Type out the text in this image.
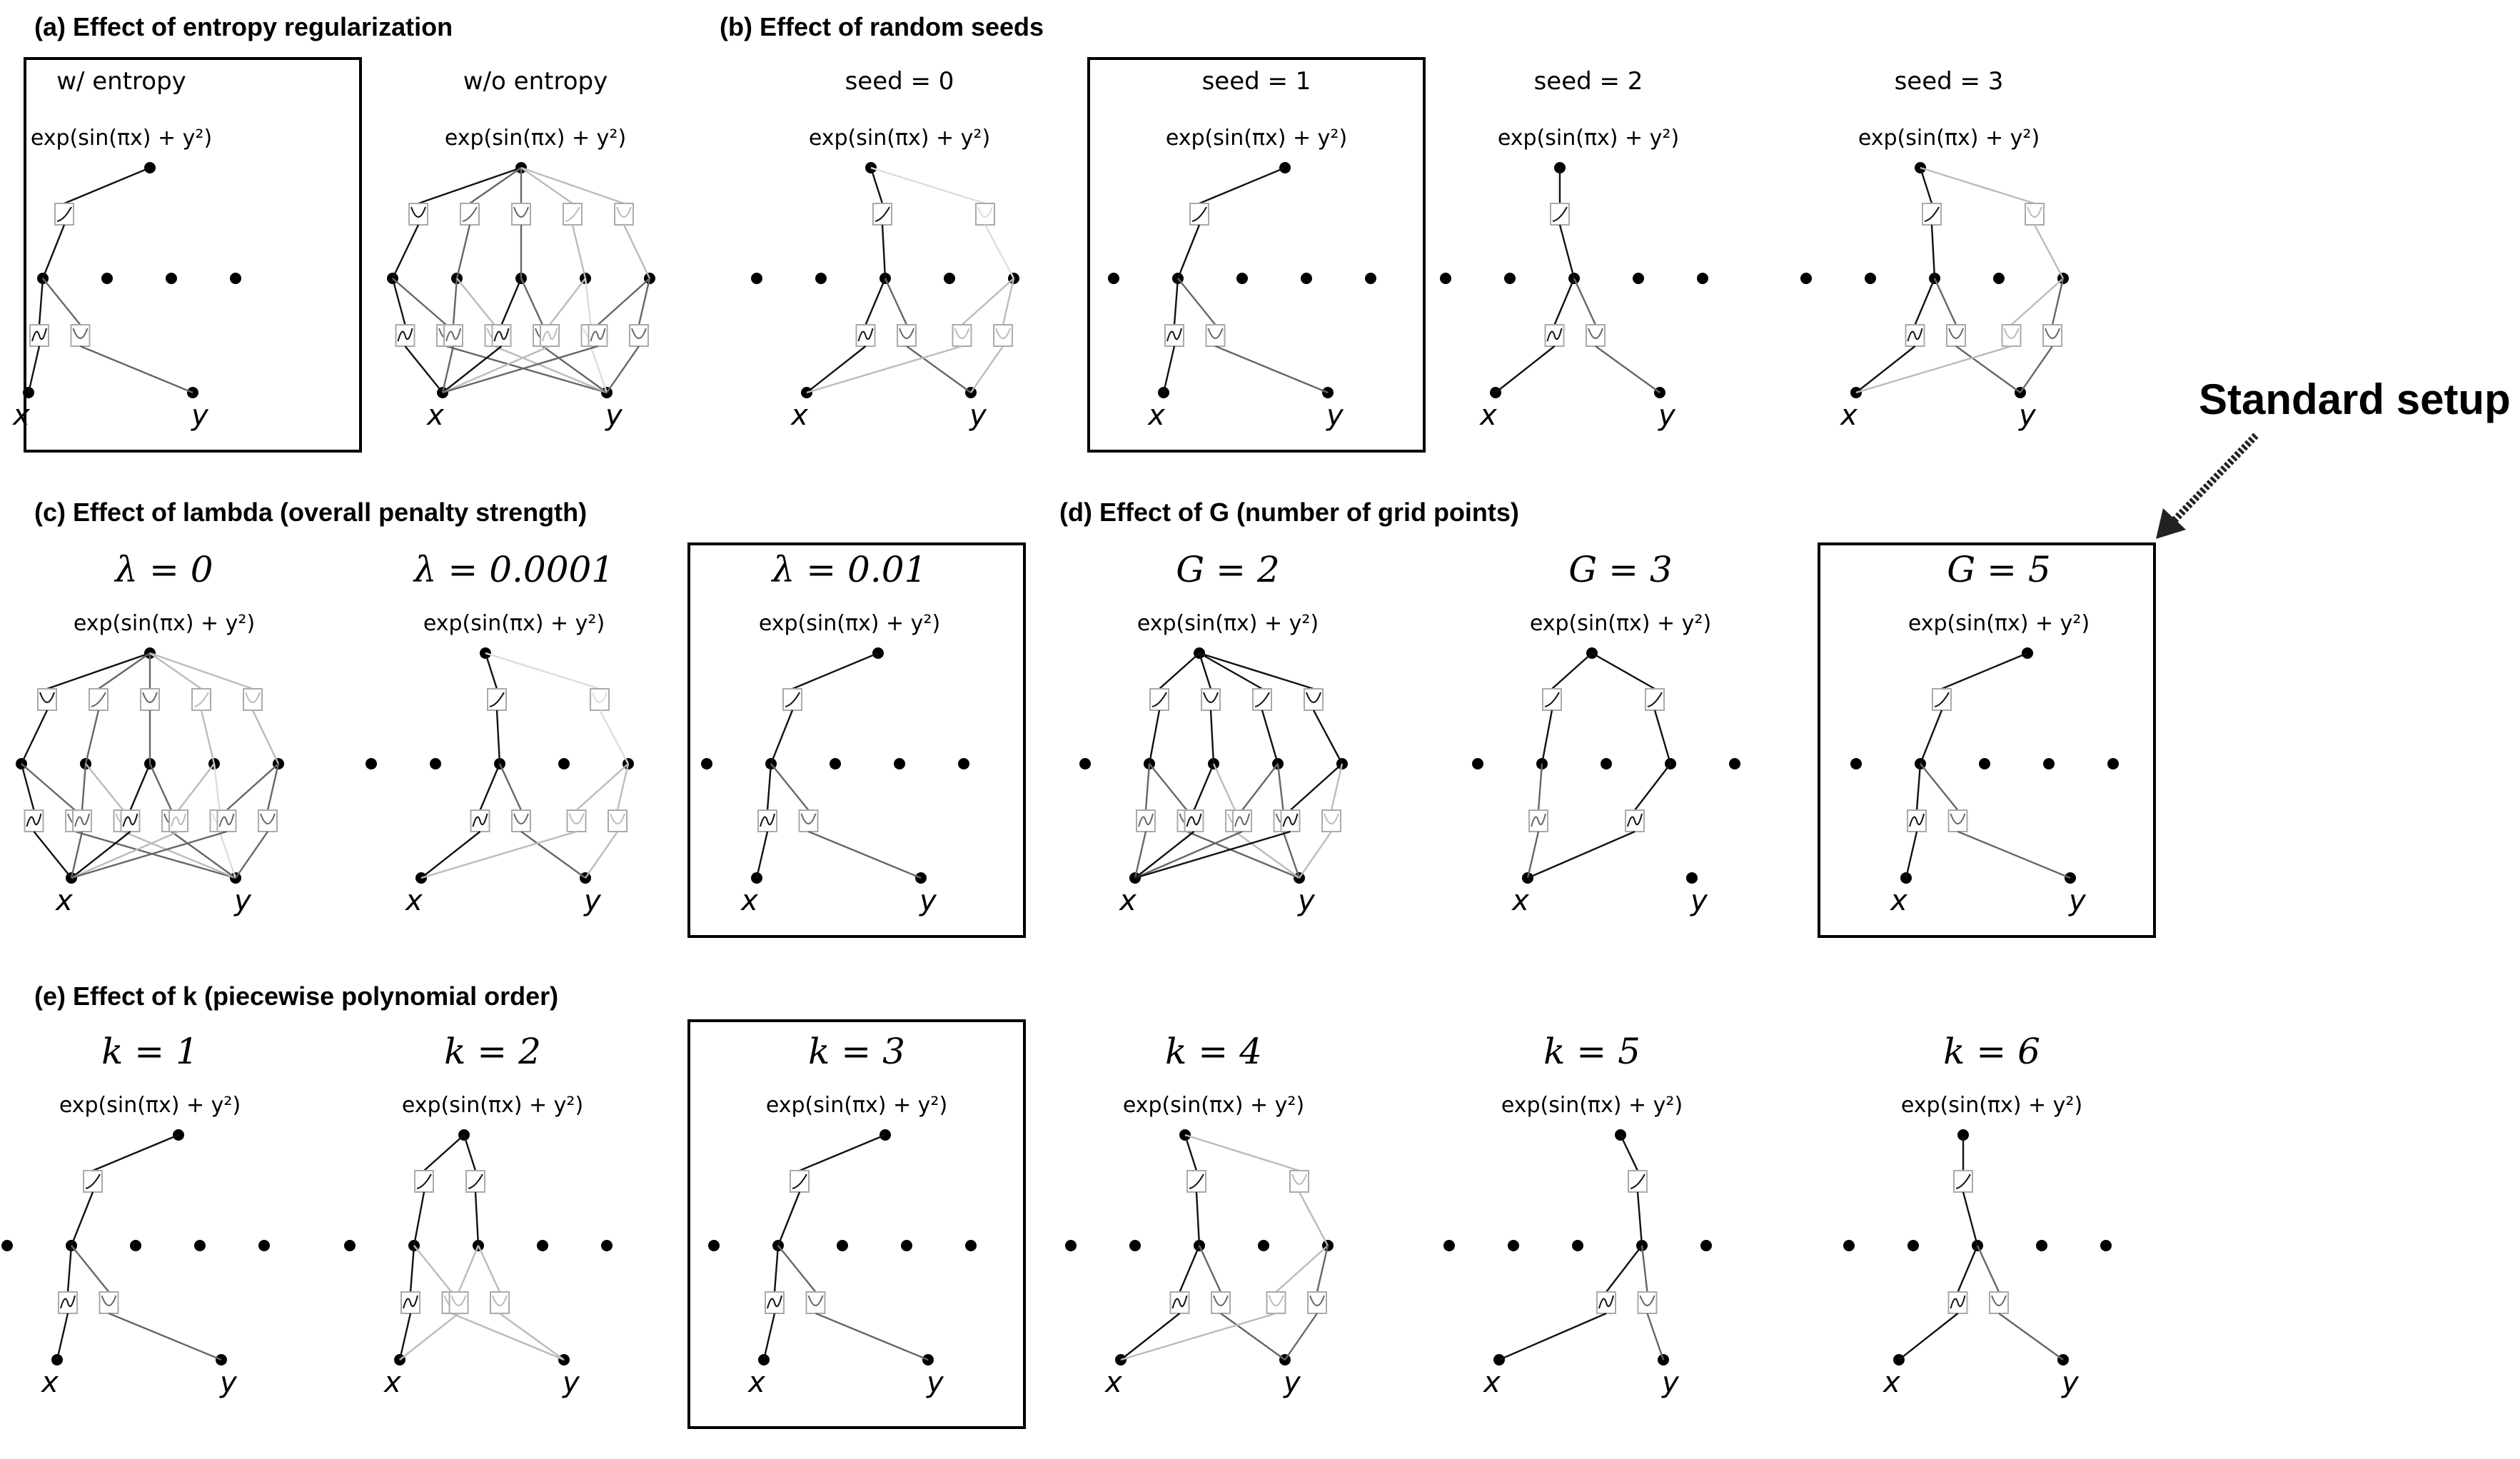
(a) Effect of entropy regularization	(b) Effect of random seeds
(c) Effect of lambda (overall penalty strength)	(d) Effect of G (number of grid points)
(e) Effect of k (piecewise polynomial order)
Standard setup
w/ entropy
exp(sin(πx) + y²)
x	y
w/o entropy
exp(sin(πx) + y²)
x	y
seed = 0
exp(sin(πx) + y²)
x	y
seed = 1
exp(sin(πx) + y²)
x	y
seed = 2
exp(sin(πx) + y²)
x	y
seed = 3
exp(sin(πx) + y²)
x	y
λ = 0
exp(sin(πx) + y²)
x	y
λ = 0.0001
exp(sin(πx) + y²)
x	y
λ = 0.01
exp(sin(πx) + y²)
x	y
G = 2
exp(sin(πx) + y²)
x	y
G = 3
exp(sin(πx) + y²)
x	y
G = 5
exp(sin(πx) + y²)
x	y
k = 1
exp(sin(πx) + y²)
x	y
k = 2
exp(sin(πx) + y²)
x	y
k = 3
exp(sin(πx) + y²)
x	y
k = 4
exp(sin(πx) + y²)
x	y
k = 5
exp(sin(πx) + y²)
x	y
k = 6
exp(sin(πx) + y²)
x	y
